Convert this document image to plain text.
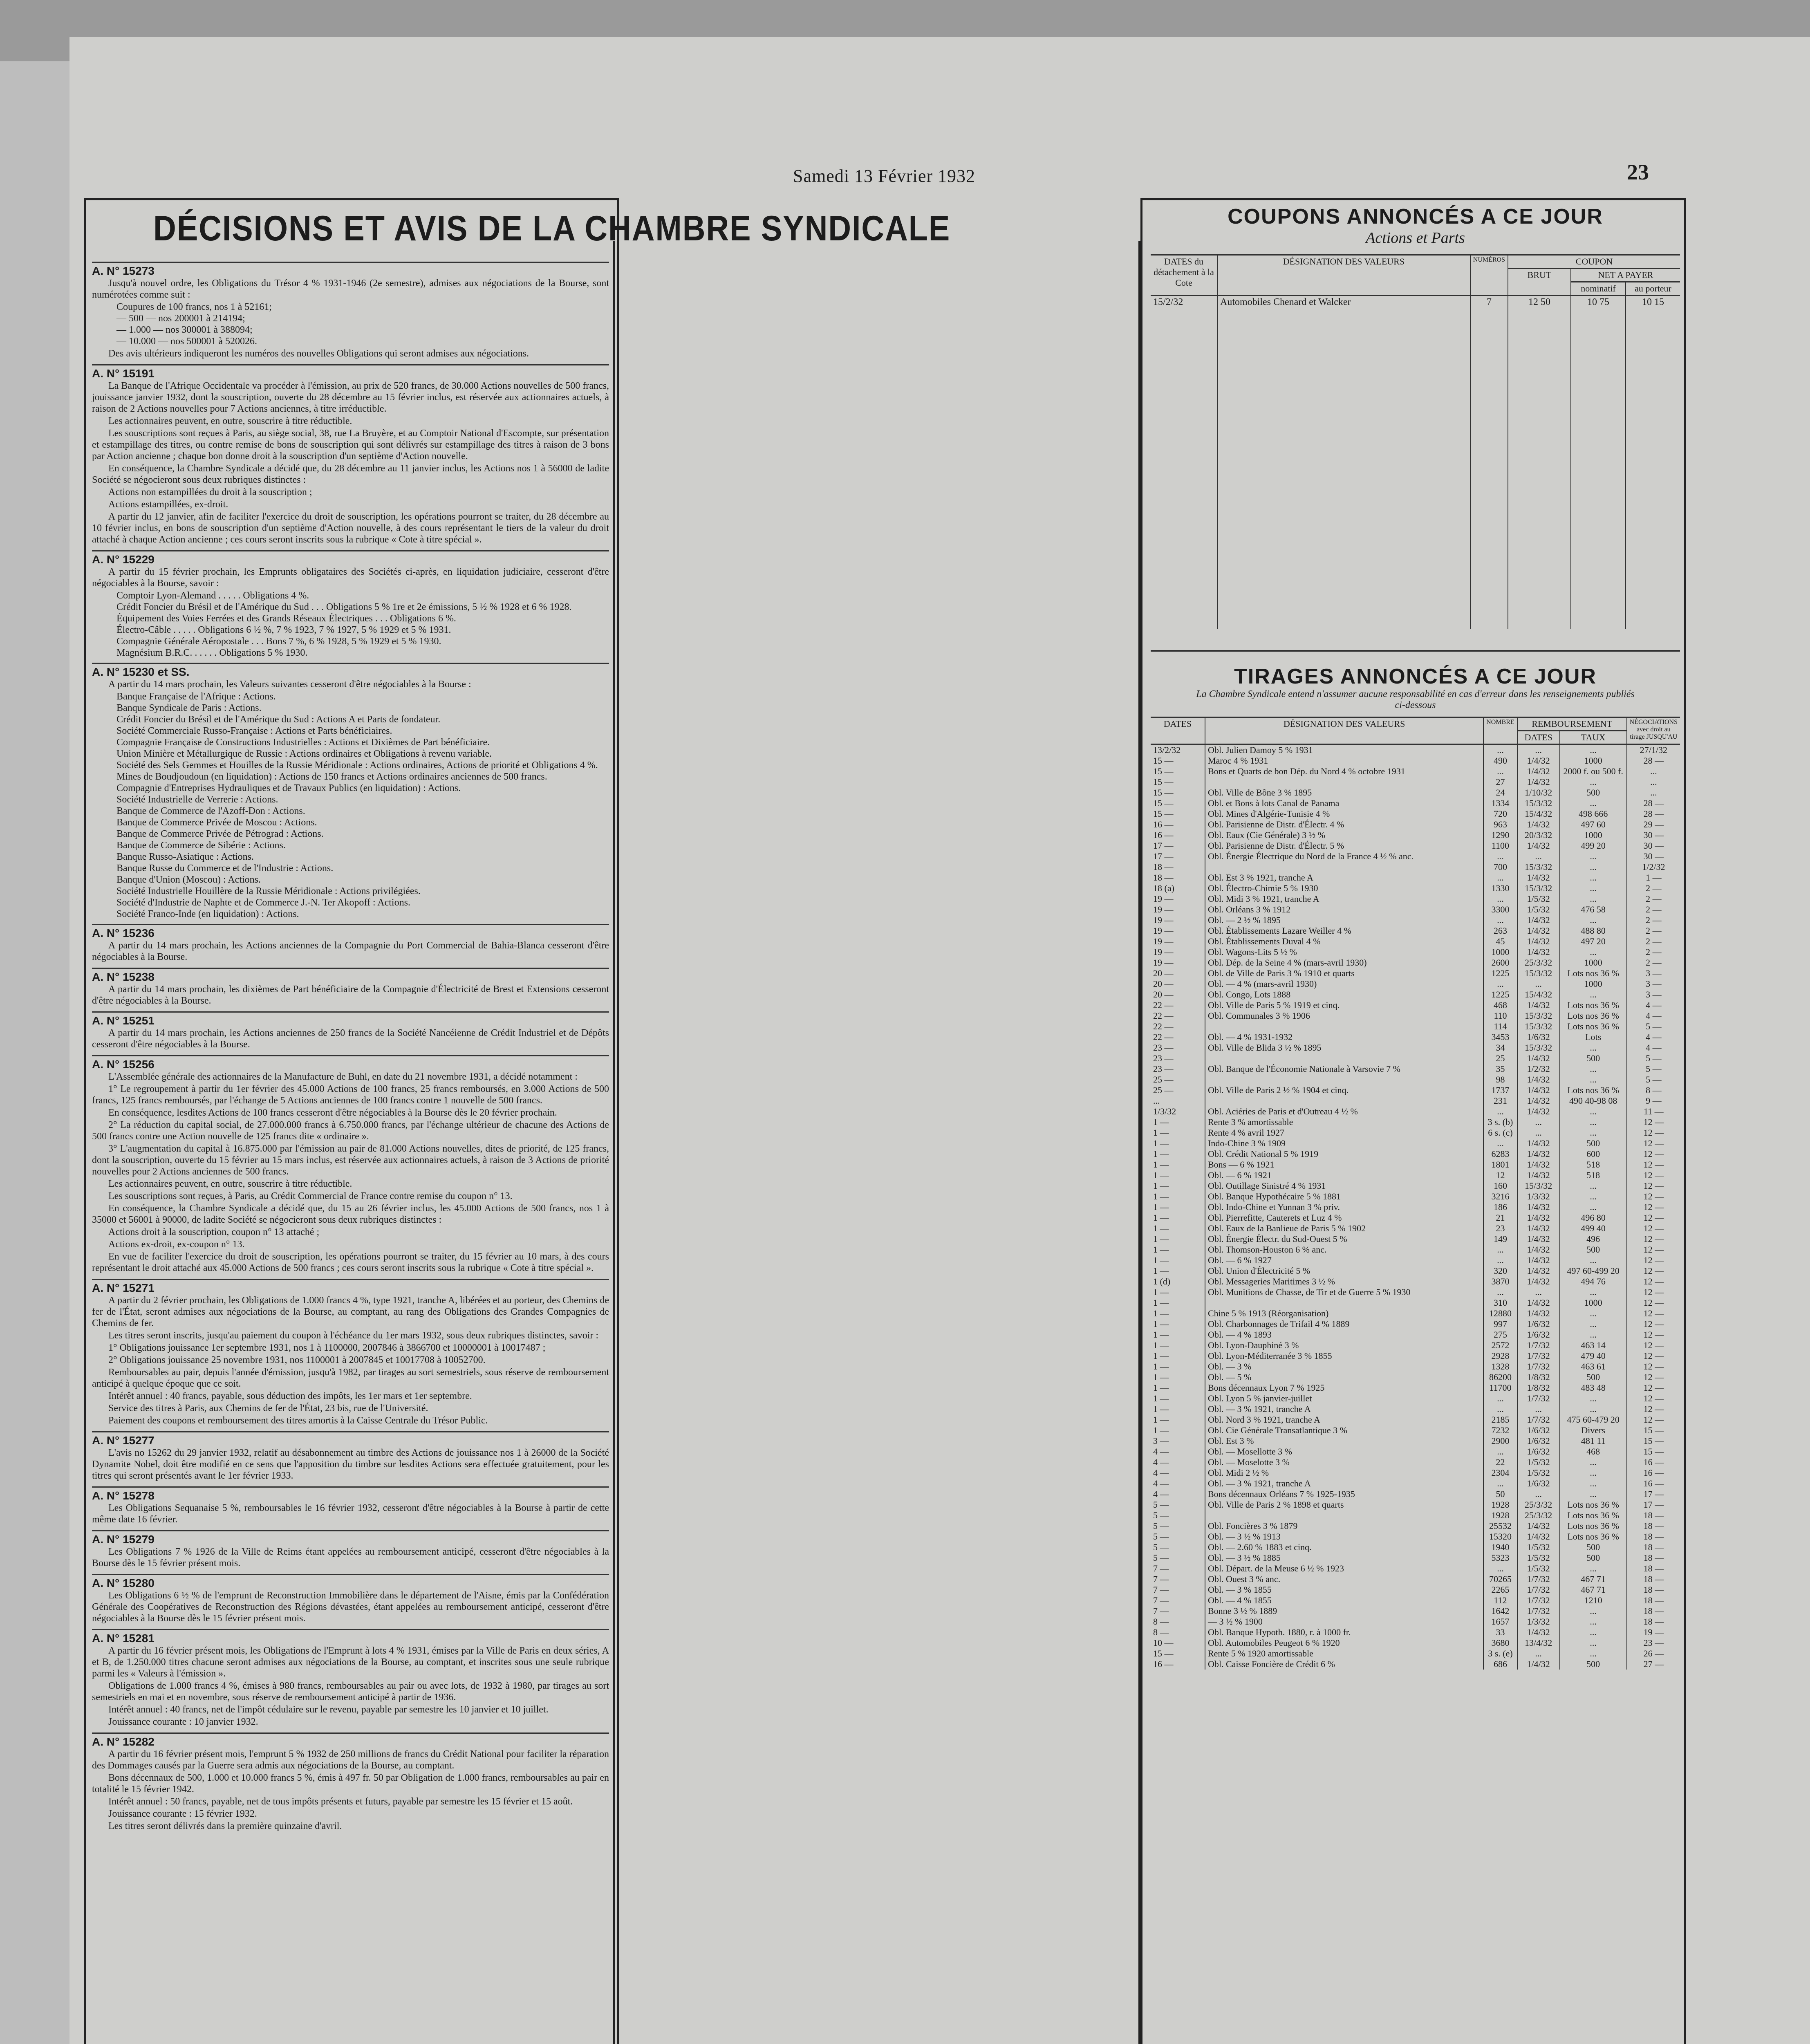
Samedi 13 Février 1932	23
DÉCISIONS ET AVIS DE LA CHAMBRE SYNDICALE
A. N° 15273

Jusqu'à nouvel ordre, les Obligations du Trésor 4 % 1931-1946 (2e semestre), admises aux négociations de la Bourse, sont numérotées comme suit :

Coupures de 100 francs, nos 1 à 52161;
— 500 — nos 200001 à 214194;
— 1.000 — nos 300001 à 388094;
— 10.000 — nos 500001 à 520026.

Des avis ultérieurs indiqueront les numéros des nouvelles Obligations qui seront admises aux négociations.

A. N° 15191

La Banque de l'Afrique Occidentale va procéder à l'émission, au prix de 520 francs, de 30.000 Actions nouvelles de 500 francs, jouissance janvier 1932, dont la souscription, ouverte du 28 décembre au 15 février inclus, est réservée aux actionnaires actuels, à raison de 2 Actions nouvelles pour 7 Actions anciennes, à titre irréductible.

Les actionnaires peuvent, en outre, souscrire à titre réductible.

Les souscriptions sont reçues à Paris, au siège social, 38, rue La Bruyère, et au Comptoir National d'Escompte, sur présentation et estampillage des titres, ou contre remise de bons de souscription qui sont délivrés sur estampillage des titres à raison de 3 bons par Action ancienne ; chaque bon donne droit à la souscription d'un septième d'Action nouvelle.

En conséquence, la Chambre Syndicale a décidé que, du 28 décembre au 11 janvier inclus, les Actions nos 1 à 56000 de ladite Société se négocieront sous deux rubriques distinctes :

Actions non estampillées du droit à la souscription ;

Actions estampillées, ex-droit.

A partir du 12 janvier, afin de faciliter l'exercice du droit de souscription, les opérations pourront se traiter, du 28 décembre au 10 février inclus, en bons de souscription d'un septième d'Action nouvelle, à des cours représentant le tiers de la valeur du droit attaché à chaque Action ancienne ; ces cours seront inscrits sous la rubrique « Cote à titre spécial ».

A. N° 15229

A partir du 15 février prochain, les Emprunts obligataires des Sociétés ci-après, en liquidation judiciaire, cesseront d'être négociables à la Bourse, savoir :

Comptoir Lyon-Alemand . . . . . Obligations 4 %.
Crédit Foncier du Brésil et de l'Amérique du Sud . . . Obligations 5 % 1re et 2e émissions, 5 ½ % 1928 et 6 % 1928.
Équipement des Voies Ferrées et des Grands Réseaux Électriques . . . Obligations 6 %.
Électro-Câble . . . . . Obligations 6 ½ %, 7 % 1923, 7 % 1927, 5 % 1929 et 5 % 1931.
Compagnie Générale Aéropostale . . . Bons 7 %, 6 % 1928, 5 % 1929 et 5 % 1930.
Magnésium B.R.C. . . . . . Obligations 5 % 1930.
A. N° 15230 et SS.

A partir du 14 mars prochain, les Valeurs suivantes cesseront d'être négociables à la Bourse :

Banque Française de l'Afrique : Actions.
Banque Syndicale de Paris : Actions.
Crédit Foncier du Brésil et de l'Amérique du Sud : Actions A et Parts de fondateur.
Société Commerciale Russo-Française : Actions et Parts bénéficiaires.
Compagnie Française de Constructions Industrielles : Actions et Dixièmes de Part bénéficiaire.
Union Minière et Métallurgique de Russie : Actions ordinaires et Obligations à revenu variable.
Société des Sels Gemmes et Houilles de la Russie Méridionale : Actions ordinaires, Actions de priorité et Obligations 4 %.
Mines de Boudjoudoun (en liquidation) : Actions de 150 francs et Actions ordinaires anciennes de 500 francs.
Compagnie d'Entreprises Hydrauliques et de Travaux Publics (en liquidation) : Actions.
Société Industrielle de Verrerie : Actions.
Banque de Commerce de l'Azoff-Don : Actions.
Banque de Commerce Privée de Moscou : Actions.
Banque de Commerce Privée de Pétrograd : Actions.
Banque de Commerce de Sibérie : Actions.
Banque Russo-Asiatique : Actions.
Banque Russe du Commerce et de l'Industrie : Actions.
Banque d'Union (Moscou) : Actions.
Société Industrielle Houillère de la Russie Méridionale : Actions privilégiées.
Société d'Industrie de Naphte et de Commerce J.-N. Ter Akopoff : Actions.
Société Franco-Inde (en liquidation) : Actions.
A. N° 15236

A partir du 14 mars prochain, les Actions anciennes de la Compagnie du Port Commercial de Bahia-Blanca cesseront d'être négociables à la Bourse.

A. N° 15238

A partir du 14 mars prochain, les dixièmes de Part bénéficiaire de la Compagnie d'Électricité de Brest et Extensions cesseront d'être négociables à la Bourse.

A. N° 15251

A partir du 14 mars prochain, les Actions anciennes de 250 francs de la Société Nancéienne de Crédit Industriel et de Dépôts cesseront d'être négociables à la Bourse.

A. N° 15256

L'Assemblée générale des actionnaires de la Manufacture de Buhl, en date du 21 novembre 1931, a décidé notamment :

1° Le regroupement à partir du 1er février des 45.000 Actions de 100 francs, 25 francs remboursés, en 3.000 Actions de 500 francs, 125 francs remboursés, par l'échange de 5 Actions anciennes de 100 francs contre 1 nouvelle de 500 francs.

En conséquence, lesdites Actions de 100 francs cesseront d'être négociables à la Bourse dès le 20 février prochain.

2° La réduction du capital social, de 27.000.000 francs à 6.750.000 francs, par l'échange ultérieur de chacune des Actions de 500 francs contre une Action nouvelle de 125 francs dite « ordinaire ».

3° L'augmentation du capital à 16.875.000 par l'émission au pair de 81.000 Actions nouvelles, dites de priorité, de 125 francs, dont la souscription, ouverte du 15 février au 15 mars inclus, est réservée aux actionnaires actuels, à raison de 3 Actions de priorité nouvelles pour 2 Actions anciennes de 500 francs.

Les actionnaires peuvent, en outre, souscrire à titre réductible.

Les souscriptions sont reçues, à Paris, au Crédit Commercial de France contre remise du coupon n° 13.

En conséquence, la Chambre Syndicale a décidé que, du 15 au 26 février inclus, les 45.000 Actions de 500 francs, nos 1 à 35000 et 56001 à 90000, de ladite Société se négocieront sous deux rubriques distinctes :

Actions droit à la souscription, coupon n° 13 attaché ;

Actions ex-droit, ex-coupon n° 13.

En vue de faciliter l'exercice du droit de souscription, les opérations pourront se traiter, du 15 février au 10 mars, à des cours représentant le droit attaché aux 45.000 Actions de 500 francs ; ces cours seront inscrits sous la rubrique « Cote à titre spécial ».

A. N° 15271

A partir du 2 février prochain, les Obligations de 1.000 francs 4 %, type 1921, tranche A, libérées et au porteur, des Chemins de fer de l'État, seront admises aux négociations de la Bourse, au comptant, au rang des Obligations des Grandes Compagnies de Chemins de fer.

Les titres seront inscrits, jusqu'au paiement du coupon à l'échéance du 1er mars 1932, sous deux rubriques distinctes, savoir :

1° Obligations jouissance 1er septembre 1931, nos 1 à 1100000, 2007846 à 3866700 et 10000001 à 10017487 ;

2° Obligations jouissance 25 novembre 1931, nos 1100001 à 2007845 et 10017708 à 10052700.

Remboursables au pair, depuis l'année d'émission, jusqu'à 1982, par tirages au sort semestriels, sous réserve de remboursement anticipé à quelque époque que ce soit.

Intérêt annuel : 40 francs, payable, sous déduction des impôts, les 1er mars et 1er septembre.

Service des titres à Paris, aux Chemins de fer de l'État, 23 bis, rue de l'Université.

Paiement des coupons et remboursement des titres amortis à la Caisse Centrale du Trésor Public.

A. N° 15277

L'avis no 15262 du 29 janvier 1932, relatif au désabonnement au timbre des Actions de jouissance nos 1 à 26000 de la Société Dynamite Nobel, doit être modifié en ce sens que l'apposition du timbre sur lesdites Actions sera effectuée gratuitement, pour les titres qui seront présentés avant le 1er février 1933.

A. N° 15278

Les Obligations Sequanaise 5 %, remboursables le 16 février 1932, cesseront d'être négociables à la Bourse à partir de cette même date 16 février.

A. N° 15279

Les Obligations 7 % 1926 de la Ville de Reims étant appelées au remboursement anticipé, cesseront d'être négociables à la Bourse dès le 15 février présent mois.

A. N° 15280

Les Obligations 6 ½ % de l'emprunt de Reconstruction Immobilière dans le département de l'Aisne, émis par la Confédération Générale des Coopératives de Reconstruction des Régions dévastées, étant appelées au remboursement anticipé, cesseront d'être négociables à la Bourse dès le 15 février présent mois.

A. N° 15281

A partir du 16 février présent mois, les Obligations de l'Emprunt à lots 4 % 1931, émises par la Ville de Paris en deux séries, A et B, de 1.250.000 titres chacune seront admises aux négociations de la Bourse, au comptant, et inscrites sous une seule rubrique parmi les « Valeurs à l'émission ».

Obligations de 1.000 francs 4 %, émises à 980 francs, remboursables au pair ou avec lots, de 1932 à 1980, par tirages au sort semestriels en mai et en novembre, sous réserve de remboursement anticipé à partir de 1936.

Intérêt annuel : 40 francs, net de l'impôt cédulaire sur le revenu, payable par semestre les 10 janvier et 10 juillet.

Jouissance courante : 10 janvier 1932.

A. N° 15282

A partir du 16 février présent mois, l'emprunt 5 % 1932 de 250 millions de francs du Crédit National pour faciliter la réparation des Dommages causés par la Guerre sera admis aux négociations de la Bourse, au comptant.

Bons décennaux de 500, 1.000 et 10.000 francs 5 %, émis à 497 fr. 50 par Obligation de 1.000 francs, remboursables au pair en totalité le 15 février 1942.

Intérêt annuel : 50 francs, payable, net de tous impôts présents et futurs, payable par semestre les 15 février et 15 août.

Jouissance courante : 15 février 1932.

Les titres seront délivrés dans la première quinzaine d'avril.

COUPONS ANNONCÉS A CE JOUR
Actions et Parts
DATES du détachement à la Cote	DÉSIGNATION DES VALEURS	NUMÉROS	COUPON		
			BRUT	NET A PAYER	
				nominatif	au porteur
15/2/32	Automobiles Chenard et Walcker	7	12 50	10 75	10 15

TIRAGES ANNONCÉS A CE JOUR
La Chambre Syndicale entend n'assumer aucune responsabilité en cas d'erreur dans les renseignements publiés ci-dessous
DATES	DÉSIGNATION DES VALEURS	NOMBRE	REMBOURSEMENT		NÉGOCIATIONS avec droit au tirage JUSQU'AU
			DATES	TAUX	
13/2/32	Obl. Julien Damoy 5 % 1931	...	...	...	27/1/32
15 —	Maroc 4 % 1931	490	1/4/32	1000	28 —
15 —	Bons et Quarts de bon Dép. du Nord 4 % octobre 1931	...	1/4/32	2000 f. ou 500 f.	...
15 —		27	1/4/32	...	...
15 —	Obl. Ville de Bône 3 % 1895	24	1/10/32	500	...
15 —	Obl. et Bons à lots Canal de Panama	1334	15/3/32	...	28 —
15 —	Obl. Mines d'Algérie-Tunisie 4 %	720	15/4/32	498 666	28 —
16 —	Obl. Parisienne de Distr. d'Électr. 4 %	963	1/4/32	497 60	29 —
16 —	Obl. Eaux (Cie Générale) 3 ½ %	1290	20/3/32	1000	30 —
17 —	Obl. Parisienne de Distr. d'Électr. 5 %	1100	1/4/32	499 20	30 —
17 —	Obl. Énergie Électrique du Nord de la France 4 ½ % anc.	...	...	...	30 —
18 —		700	15/3/32	...	1/2/32
18 —	Obl. Est 3 % 1921, tranche A	...	1/4/32	...	1 —
18 (a)	Obl. Électro-Chimie 5 % 1930	1330	15/3/32	...	2 —
19 —	Obl. Midi 3 % 1921, tranche A	...	1/5/32	...	2 —
19 —	Obl. Orléans 3 % 1912	3300	1/5/32	476 58	2 —
19 —	Obl. — 2 ½ % 1895	...	1/4/32	...	2 —
19 —	Obl. Établissements Lazare Weiller 4 %	263	1/4/32	488 80	2 —
19 —	Obl. Établissements Duval 4 %	45	1/4/32	497 20	2 —
19 —	Obl. Wagons-Lits 5 ½ %	1000	1/4/32	...	2 —
19 —	Obl. Dép. de la Seine 4 % (mars-avril 1930)	2600	25/3/32	1000	2 —
20 —	Obl. de Ville de Paris 3 % 1910 et quarts	1225	15/3/32	Lots nos 36 %	3 —
20 —	Obl. — 4 % (mars-avril 1930)	...	...	1000	3 —
20 —	Obl. Congo, Lots 1888	1225	15/4/32	...	3 —
22 —	Obl. Ville de Paris 5 % 1919 et cinq.	468	1/4/32	Lots nos 36 %	4 —
22 —	Obl. Communales 3 % 1906	110	15/3/32	Lots nos 36 %	4 —
22 —		114	15/3/32	Lots nos 36 %	5 —
22 —	Obl. — 4 % 1931-1932	3453	1/6/32	Lots	4 —
23 —	Obl. Ville de Blida 3 ½ % 1895	34	15/3/32	...	4 —
23 —		25	1/4/32	500	5 —
23 —	Obl. Banque de l'Économie Nationale à Varsovie 7 %	35	1/2/32	...	5 —
25 —		98	1/4/32	...	5 —
25 —	Obl. Ville de Paris 2 ½ % 1904 et cinq.	1737	1/4/32	Lots nos 36 %	8 —
...		231	1/4/32	490 40-98 08	9 —
1/3/32	Obl. Aciéries de Paris et d'Outreau 4 ½ %	...	1/4/32	...	11 —
1 —	Rente 3 % amortissable	3 s. (b)	...	...	12 —
1 —	Rente 4 % avril 1927	6 s. (c)	...	...	12 —
1 —	Indo-Chine 3 % 1909	...	1/4/32	500	12 —
1 —	Obl. Crédit National 5 % 1919	6283	1/4/32	600	12 —
1 —	Bons — 6 % 1921	1801	1/4/32	518	12 —
1 —	Obl. — 6 % 1921	12	1/4/32	518	12 —
1 —	Obl. Outillage Sinistré 4 % 1931	160	15/3/32	...	12 —
1 —	Obl. Banque Hypothécaire 5 % 1881	3216	1/3/32	...	12 —
1 —	Obl. Indo-Chine et Yunnan 3 % priv.	186	1/4/32	...	12 —
1 —	Obl. Pierrefitte, Cauterets et Luz 4 %	21	1/4/32	496 80	12 —
1 —	Obl. Eaux de la Banlieue de Paris 5 % 1902	23	1/4/32	499 40	12 —
1 —	Obl. Énergie Électr. du Sud-Ouest 5 %	149	1/4/32	496	12 —
1 —	Obl. Thomson-Houston 6 % anc.	...	1/4/32	500	12 —
1 —	Obl. — 6 % 1927	...	1/4/32	...	12 —
1 —	Obl. Union d'Électricité 5 %	320	1/4/32	497 60-499 20	12 —
1 (d)	Obl. Messageries Maritimes 3 ½ %	3870	1/4/32	494 76	12 —
1 —	Obl. Munitions de Chasse, de Tir et de Guerre 5 % 1930	...	...	...	12 —
1 —		310	1/4/32	1000	12 —
1 —	Chine 5 % 1913 (Réorganisation)	12880	1/4/32	...	12 —
1 —	Obl. Charbonnages de Trifail 4 % 1889	997	1/6/32	...	12 —
1 —	Obl. — 4 % 1893	275	1/6/32	...	12 —
1 —	Obl. Lyon-Dauphiné 3 %	2572	1/7/32	463 14	12 —
1 —	Obl. Lyon-Méditerranée 3 % 1855	2928	1/7/32	479 40	12 —
1 —	Obl. — 3 %	1328	1/7/32	463 61	12 —
1 —	Obl. — 5 %	86200	1/8/32	500	12 —
1 —	Bons décennaux Lyon 7 % 1925	11700	1/8/32	483 48	12 —
1 —	Obl. Lyon 5 % janvier-juillet	...	1/7/32	...	12 —
1 —	Obl. — 3 % 1921, tranche A	...	...	...	12 —
1 —	Obl. Nord 3 % 1921, tranche A	2185	1/7/32	475 60-479 20	12 —
1 —	Obl. Cie Générale Transatlantique 3 %	7232	1/6/32	Divers	15 —
3 —	Obl. Est 3 %	2900	1/6/32	481 11	15 —
4 —	Obl. — Mosellotte 3 %	...	1/6/32	468	15 —
4 —	Obl. — Moselotte 3 %	22	1/5/32	...	16 —
4 —	Obl. Midi 2 ½ %	2304	1/5/32	...	16 —
4 —	Obl. — 3 % 1921, tranche A	...	1/6/32	...	16 —
4 —	Bons décennaux Orléans 7 % 1925-1935	50	...	...	17 —
5 —	Obl. Ville de Paris 2 % 1898 et quarts	1928	25/3/32	Lots nos 36 %	17 —
5 —		1928	25/3/32	Lots nos 36 %	18 —
5 —	Obl. Foncières 3 % 1879	25532	1/4/32	Lots nos 36 %	18 —
5 —	Obl. — 3 ½ % 1913	15320	1/4/32	Lots nos 36 %	18 —
5 —	Obl. — 2.60 % 1883 et cinq.	1940	1/5/32	500	18 —
5 —	Obl. — 3 ½ % 1885	5323	1/5/32	500	18 —
7 —	Obl. Départ. de la Meuse 6 ½ % 1923	...	1/5/32	...	18 —
7 —	Obl. Ouest 3 % anc.	70265	1/7/32	467 71	18 —
7 —	Obl. — 3 % 1855	2265	1/7/32	467 71	18 —
7 —	Obl. — 4 % 1855	112	1/7/32	1210	18 —
7 —	Bonne 3 ½ % 1889	1642	1/7/32	...	18 —
8 —	— 3 ½ % 1900	1657	1/3/32	...	18 —
8 —	Obl. Banque Hypoth. 1880, r. à 1000 fr.	33	1/4/32	...	19 —
10 —	Obl. Automobiles Peugeot 6 % 1920	3680	13/4/32	...	23 —
15 —	Rente 5 % 1920 amortissable	3 s. (e)	...	...	26 —
16 —	Obl. Caisse Foncière de Crédit 6 %	686	1/4/32	500	27 —
